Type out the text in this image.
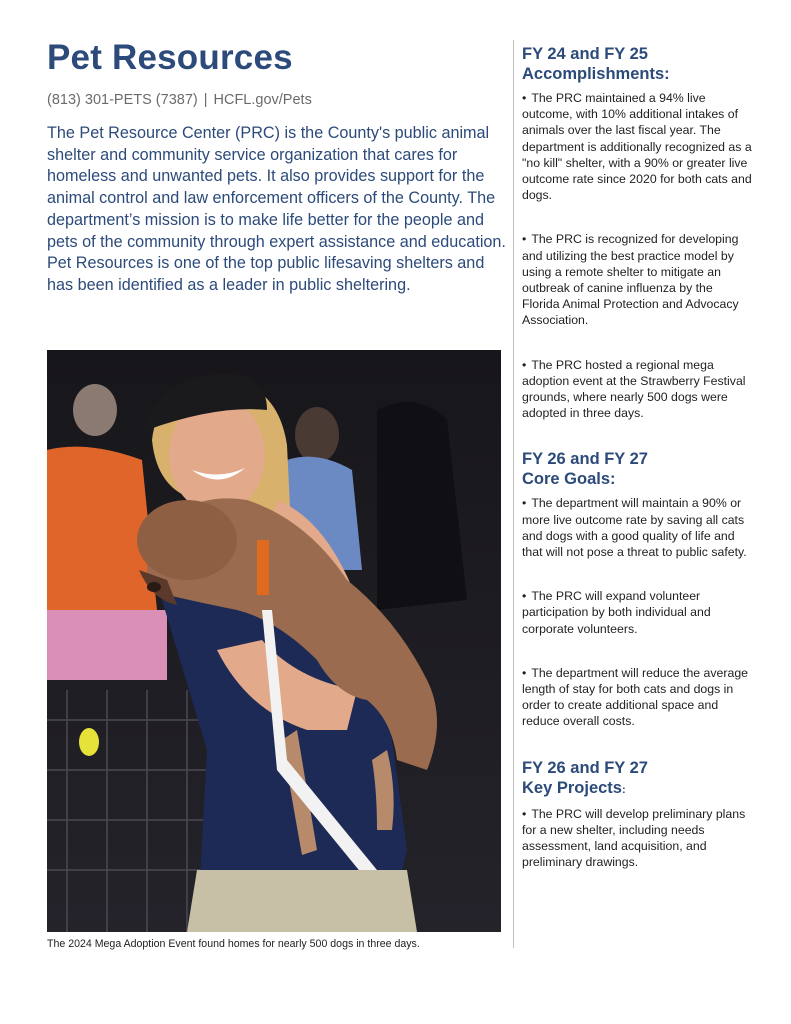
Pet Resources
(813) 301-PETS (7387) | HCFL.gov/Pets

The Pet Resource Center (PRC) is the County's public animal shelter and community service organization that cares for homeless and unwanted pets. It also provides support for the animal control and law enforcement officers of the County. The department’s mission is to make life better for the people and pets of the community through expert assistance and education. Pet Resources is one of the top public lifesaving shelters and has been identified as a leader in public sheltering.

The 2024 Mega Adoption Event found homes for nearly 500 dogs in three days.
FY 24 and FY 25
Accomplishments:

• The PRC maintained a 94% live outcome, with 10% additional intakes of animals over the last fiscal year. The department is additionally recognized as a "no kill" shelter, with a 90% or greater live outcome rate since 2020 for both cats and dogs.

• The PRC is recognized for developing and utilizing the best practice model by using a remote shelter to mitigate an outbreak of canine influenza by the Florida Animal Protection and Advocacy Association.

• The PRC hosted a regional mega adoption event at the Strawberry Festival grounds, where nearly 500 dogs were adopted in three days.

FY 26 and FY 27
Core Goals:

• The department will maintain a 90% or more live outcome rate by saving all cats and dogs with a good quality of life and that will not pose a threat to public safety.

• The PRC will expand volunteer participation by both individual and corporate volunteers.

• The department will reduce the average length of stay for both cats and dogs in order to create additional space and reduce overall costs.

FY 26 and FY 27
Key Projects:

• The PRC will develop preliminary plans for a new shelter, including needs assessment, land acquisition, and preliminary drawings.
